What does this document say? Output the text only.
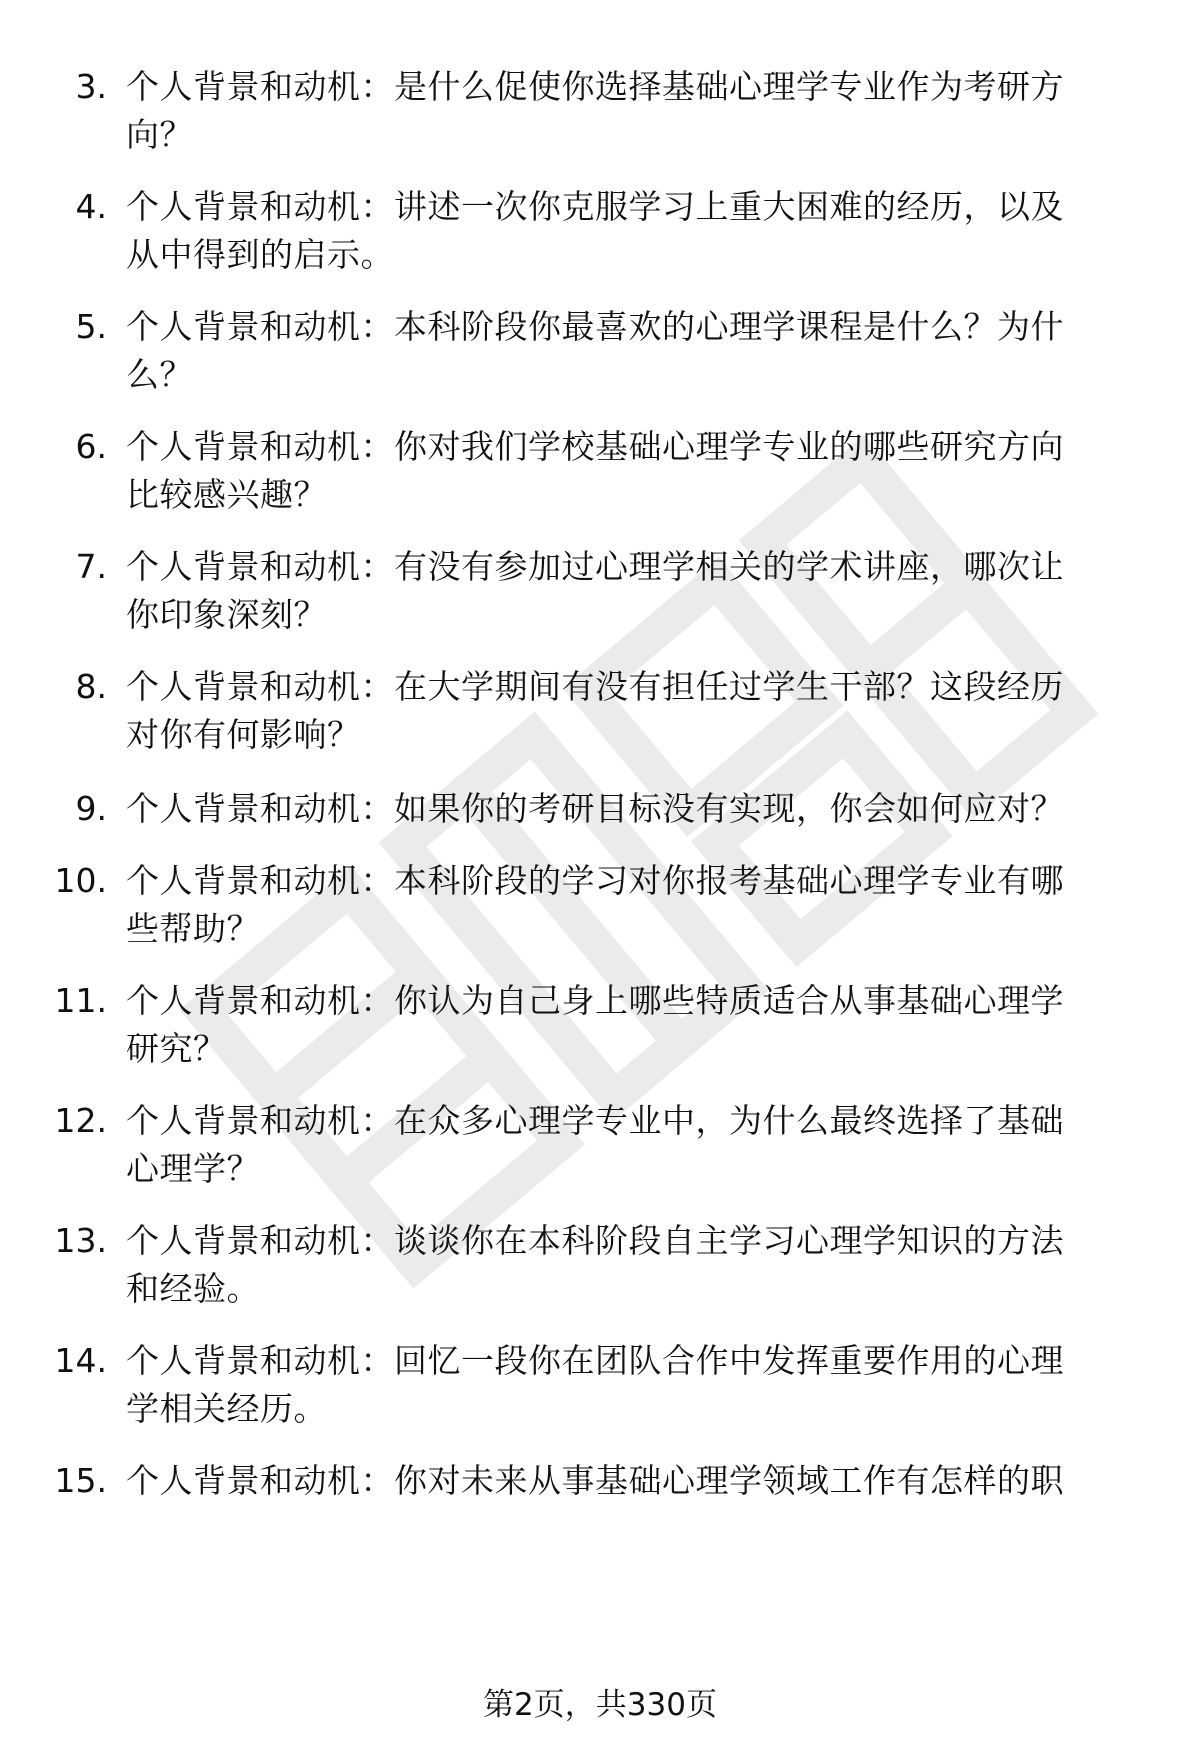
3. 个人背景和动机：是什么促使你选择基础心理学专业作为考研方
向？
4. 个人背景和动机：讲述一次你克服学习上重大困难的经历，以及
从中得到的启示。
5. 个人背景和动机：本科阶段你最喜欢的心理学课程是什么？为什
么？
6. 个人背景和动机：你对我们学校基础心理学专业的哪些研究方向
比较感兴趣？
7. 个人背景和动机：有没有参加过心理学相关的学术讲座，哪次让
你印象深刻？
8. 个人背景和动机：在大学期间有没有担任过学生干部？这段经历
对你有何影响？
9. 个人背景和动机：如果你的考研目标没有实现，你会如何应对？
10. 个人背景和动机：本科阶段的学习对你报考基础心理学专业有哪
些帮助？
11. 个人背景和动机：你认为自己身上哪些特质适合从事基础心理学
研究？
12. 个人背景和动机：在众多心理学专业中，为什么最终选择了基础
心理学？
13. 个人背景和动机：谈谈你在本科阶段自主学习心理学知识的方法
和经验。
14. 个人背景和动机：回忆一段你在团队合作中发挥重要作用的心理
学相关经历。
15. 个人背景和动机：你对未来从事基础心理学领域工作有怎样的职
第2页，共330页
